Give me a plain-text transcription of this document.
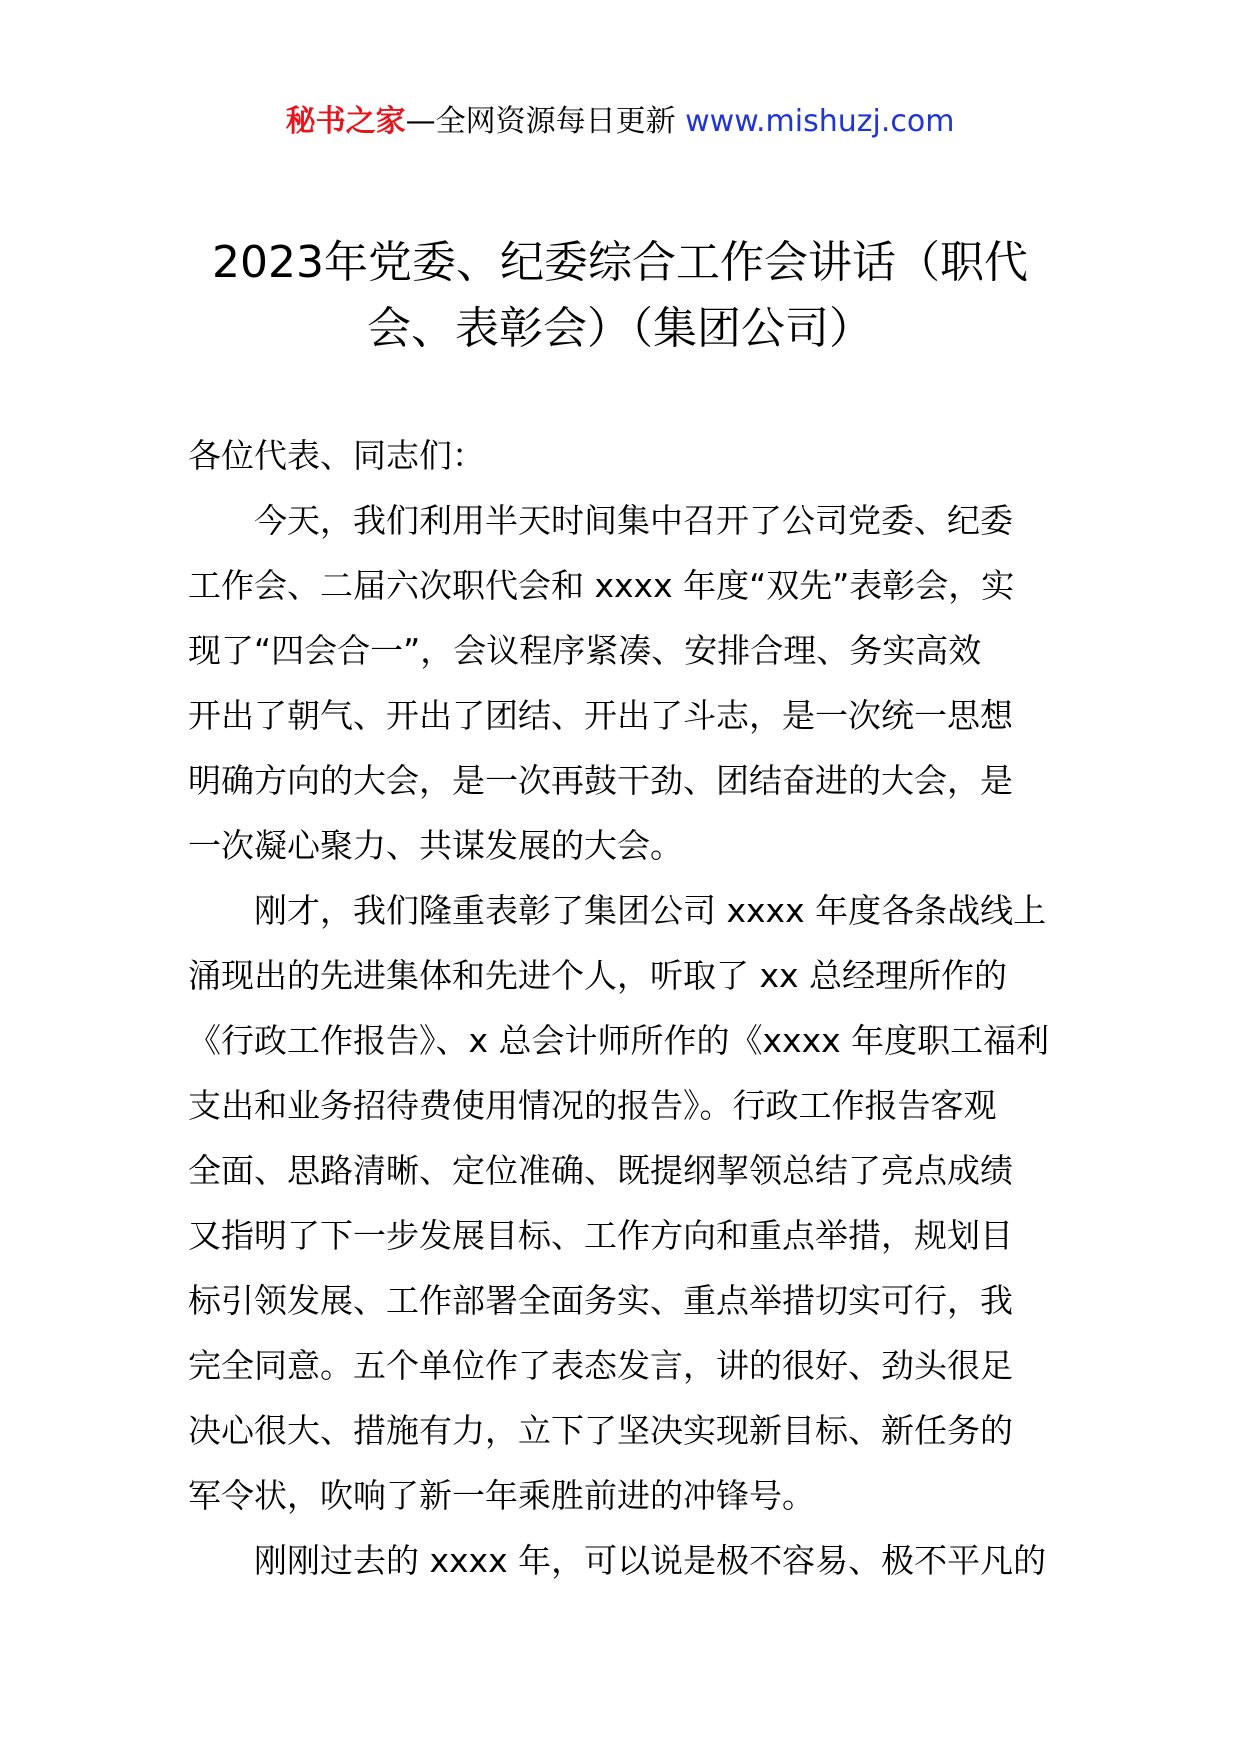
秘书之家—全网资源每日更新 www.mishuzj.com
2023年党委、纪委综合工作会讲话（职代
会、表彰会）（集团公司）
各位代表、同志们：
今天，我们利用半天时间集中召开了公司党委、纪委
工作会、二届六次职代会和 xxxx 年度“双先”表彰会，实
现了“四会合一”，会议程序紧凑、安排合理、务实高效
开出了朝气、开出了团结、开出了斗志，是一次统一思想
明确方向的大会，是一次再鼓干劲、团结奋进的大会，是
一次凝心聚力、共谋发展的大会。
刚才，我们隆重表彰了集团公司 xxxx 年度各条战线上
涌现出的先进集体和先进个人，听取了 xx 总经理所作的
《行政工作报告》、x 总会计师所作的《xxxx 年度职工福利
支出和业务招待费使用情况的报告》。行政工作报告客观
全面、思路清晰、定位准确、既提纲挈领总结了亮点成绩
又指明了下一步发展目标、工作方向和重点举措，规划目
标引领发展、工作部署全面务实、重点举措切实可行，我
完全同意。五个单位作了表态发言，讲的很好、劲头很足
决心很大、措施有力，立下了坚决实现新目标、新任务的
军令状，吹响了新一年乘胜前进的冲锋号。
刚刚过去的 xxxx 年，可以说是极不容易、极不平凡的
